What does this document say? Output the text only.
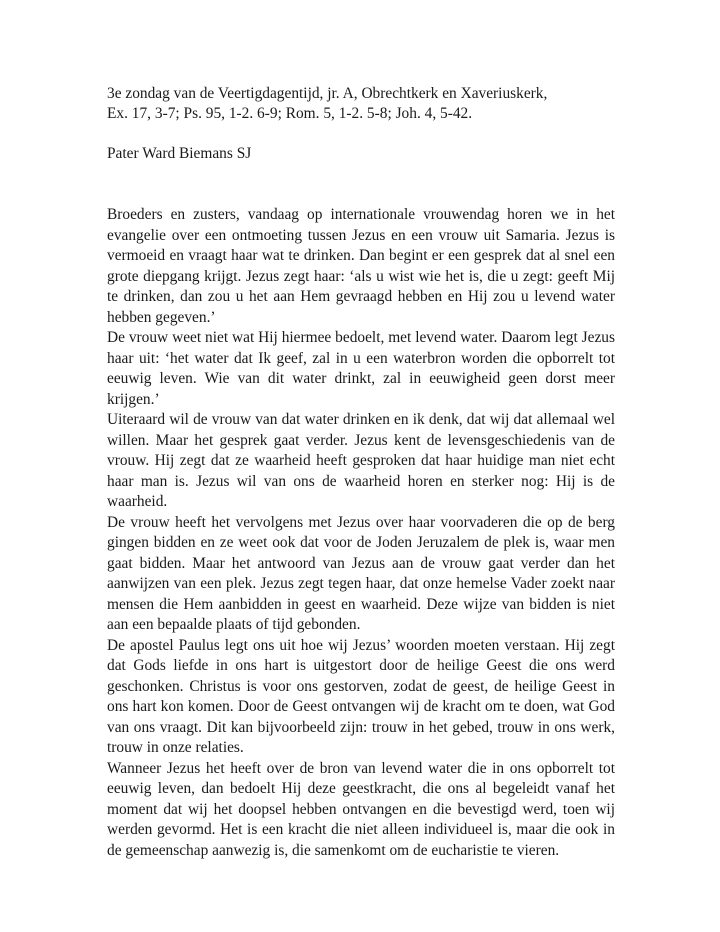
3e zondag van de Veertigdagentijd, jr. A, Obrechtkerk en Xaveriuskerk,

Ex. 17, 3-7; Ps. 95, 1-2. 6-9; Rom. 5, 1-2. 5-8; Joh. 4, 5-42.

Pater Ward Biemans SJ

Broeders en zusters, vandaag op internationale vrouwendag horen we in het evangelie over een ontmoeting tussen Jezus en een vrouw uit Samaria. Jezus is vermoeid en vraagt haar wat te drinken. Dan begint er een gesprek dat al snel een grote diepgang krijgt. Jezus zegt haar: ‘als u wist wie het is, die u zegt: geeft Mij te drinken, dan zou u het aan Hem gevraagd hebben en Hij zou u levend water hebben gegeven.’

De vrouw weet niet wat Hij hiermee bedoelt, met levend water. Daarom legt Jezus haar uit: ‘het water dat Ik geef, zal in u een waterbron worden die opborrelt tot eeuwig leven. Wie van dit water drinkt, zal in eeuwigheid geen dorst meer krijgen.’

Uiteraard wil de vrouw van dat water drinken en ik denk, dat wij dat allemaal wel willen. Maar het gesprek gaat verder. Jezus kent de levensgeschiedenis van de vrouw. Hij zegt dat ze waarheid heeft gesproken dat haar huidige man niet echt haar man is. Jezus wil van ons de waarheid horen en sterker nog: Hij is de waarheid.

De vrouw heeft het vervolgens met Jezus over haar voorvaderen die op de berg gingen bidden en ze weet ook dat voor de Joden Jeruzalem de plek is, waar men gaat bidden. Maar het antwoord van Jezus aan de vrouw gaat verder dan het aanwijzen van een plek. Jezus zegt tegen haar, dat onze hemelse Vader zoekt naar mensen die Hem aanbidden in geest en waarheid. Deze wijze van bidden is niet aan een bepaalde plaats of tijd gebonden.

De apostel Paulus legt ons uit hoe wij Jezus’ woorden moeten verstaan. Hij zegt dat Gods liefde in ons hart is uitgestort door de heilige Geest die ons werd geschonken. Christus is voor ons gestorven, zodat de geest, de heilige Geest in ons hart kon komen. Door de Geest ontvangen wij de kracht om te doen, wat God van ons vraagt. Dit kan bijvoorbeeld zijn: trouw in het gebed, trouw in ons werk, trouw in onze relaties.

Wanneer Jezus het heeft over de bron van levend water die in ons opborrelt tot eeuwig leven, dan bedoelt Hij deze geestkracht, die ons al begeleidt vanaf het moment dat wij het doopsel hebben ontvangen en die bevestigd werd, toen wij werden gevormd. Het is een kracht die niet alleen individueel is, maar die ook in de gemeenschap aanwezig is, die samenkomt om de eucharistie te vieren.
